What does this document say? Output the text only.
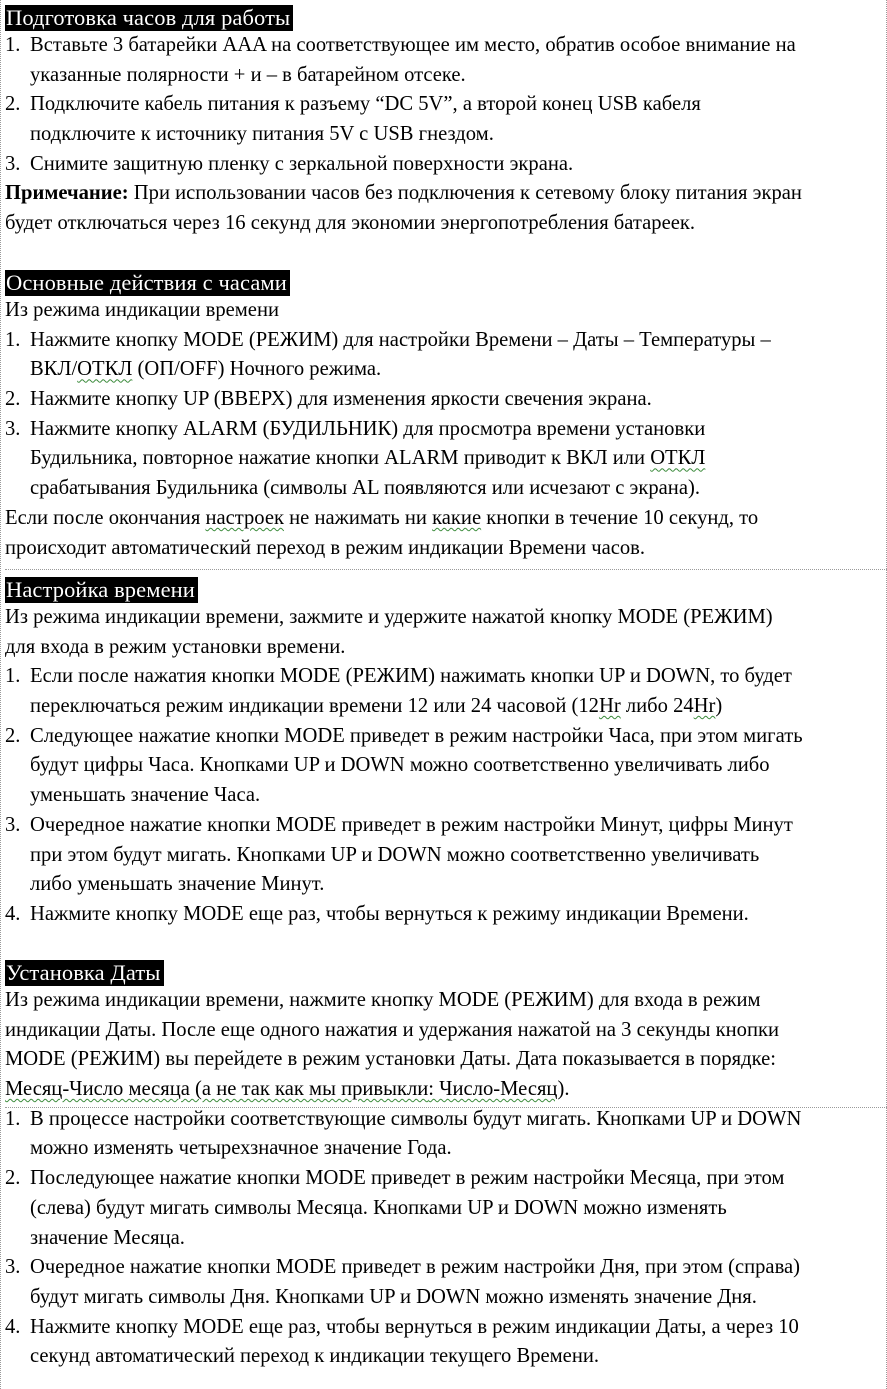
Подготовка часов для работы
1. Вставьте 3 батарейки AAA на соответствующее им место, обратив особое внимание на
указанные полярности + и – в батарейном отсеке.
2. Подключите кабель питания к разъему “DC 5V”, а второй конец USB кабеля
подключите к источнику питания 5V с USB гнездом.
3. Снимите защитную пленку с зеркальной поверхности экрана.
Примечание: При использовании часов без подключения к сетевому блоку питания экран
будет отключаться через 16 секунд для экономии энергопотребления батареек.
Основные действия с часами
Из режима индикации времени
1. Нажмите кнопку MODE (РЕЖИМ) для настройки Времени – Даты – Температуры –
ВКЛ/ОТКЛ (ОП/OFF) Ночного режима.
2. Нажмите кнопку UP (ВВЕРХ) для изменения яркости свечения экрана.
3. Нажмите кнопку ALARM (БУДИЛЬНИК) для просмотра времени установки
Будильника, повторное нажатие кнопки ALARM приводит к ВКЛ или ОТКЛ
срабатывания Будильника (символы AL появляются или исчезают с экрана).
Если после окончания настроек не нажимать ни какие кнопки в течение 10 секунд, то
происходит автоматический переход в режим индикации Времени часов.
Настройка времени
Из режима индикации времени, зажмите и удержите нажатой кнопку MODE (РЕЖИМ)
для входа в режим установки времени.
1. Если после нажатия кнопки MODE (РЕЖИМ) нажимать кнопки UP и DOWN, то будет
переключаться режим индикации времени 12 или 24 часовой (12Hr либо 24Hr)
2. Следующее нажатие кнопки MODE приведет в режим настройки Часа, при этом мигать
будут цифры Часа. Кнопками UP и DOWN можно соответственно увеличивать либо
уменьшать значение Часа.
3. Очередное нажатие кнопки MODE приведет в режим настройки Минут, цифры Минут
при этом будут мигать. Кнопками UP и DOWN можно соответственно увеличивать
либо уменьшать значение Минут.
4. Нажмите кнопку MODE еще раз, чтобы вернуться к режиму индикации Времени.
Установка Даты
Из режима индикации времени, нажмите кнопку MODE (РЕЖИМ) для входа в режим
индикации Даты. После еще одного нажатия и удержания нажатой на 3 секунды кнопки
MODE (РЕЖИМ) вы перейдете в режим установки Даты. Дата показывается в порядке:
Месяц-Число месяца (а не так как мы привыкли: Число-Месяц).
1. В процессе настройки соответствующие символы будут мигать. Кнопками UP и DOWN
можно изменять четырехзначное значение Года.
2. Последующее нажатие кнопки MODE приведет в режим настройки Месяца, при этом
(слева) будут мигать символы Месяца. Кнопками UP и DOWN можно изменять
значение Месяца.
3. Очередное нажатие кнопки MODE приведет в режим настройки Дня, при этом (справа)
будут мигать символы Дня. Кнопками UP и DOWN можно изменять значение Дня.
4. Нажмите кнопку MODE еще раз, чтобы вернуться в режим индикации Даты, а через 10
секунд автоматический переход к индикации текущего Времени.
